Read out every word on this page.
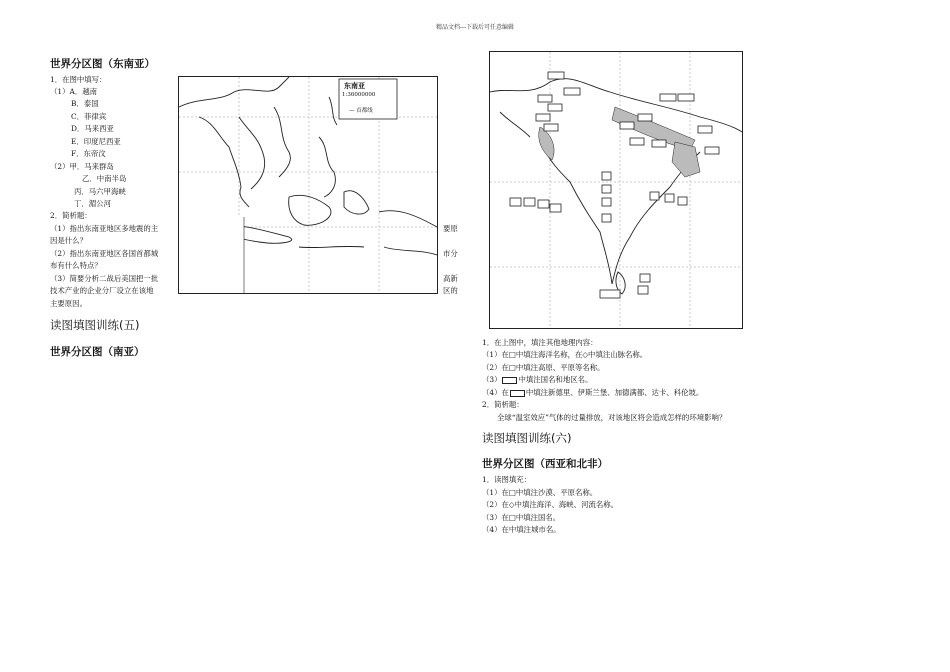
精品文档---下载后可任意编辑
世界分区图（东南亚）
1．在图中填写：
（1）A．越南
B．泰国
C．菲律宾
D．马来西亚
E．印度尼西亚
F．东帝汶
（2）甲．马来群岛
乙．中南半岛
丙．马六甲海峡
丁．湄公河
2．简析题：
（1）指出东南亚地区多地震的主
因是什么？
（2）指出东南亚地区各国首都城
布有什么特点？
（3）简要分析二战后美国把一批
技术产业的企业分厂设立在该地
主要原因。
要原
市分
高新
区的
读图填图训练(五)
世界分区图（南亚）
东南亚
1:36000000
— 首都线
1．在上图中，填注其他地理内容：
（1）在□中填注海洋名称，在◇中填注山脉名称。
（2）在□中填注高原、平原等名称。
（3） 中填注国名和地区名。
（4）在 中填注新德里、伊斯兰堡、加德满都、达卡、科伦坡。
2．简析题：
全球“温室效应”气体的过量排放，对该地区将会造成怎样的环境影响？
读图填图训练(六)
世界分区图（西亚和北非）
1．读图填充：
（1）在□中填注沙漠、平原名称。
（2）在◇中填注海洋、海峡、河流名称。
（3）在□中填注国名。
（4）在中填注城市名。
